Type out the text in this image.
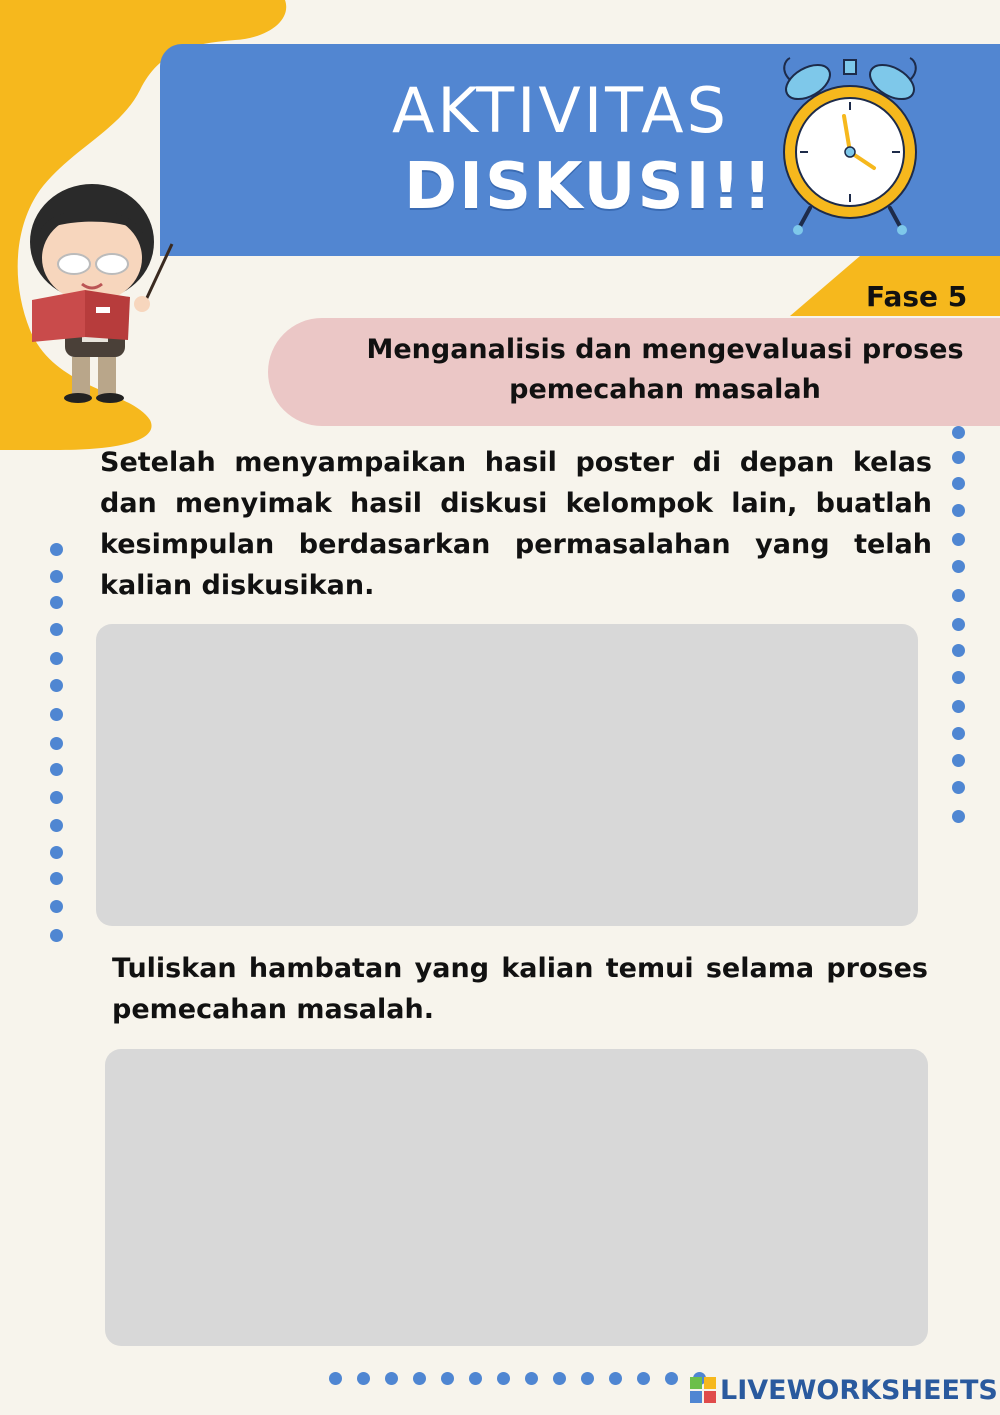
AKTIVITAS
DISKUSI!!
Fase 5
Menganalisis dan mengevaluasi proses pemecahan masalah
Setelah menyampaikan hasil poster di depan kelas dan menyimak hasil diskusi kelompok lain, buatlah kesimpulan berdasarkan permasalahan yang telah kalian diskusikan.
Tuliskan hambatan yang kalian temui selama proses pemecahan masalah.
LIVEWORKSHEETS
